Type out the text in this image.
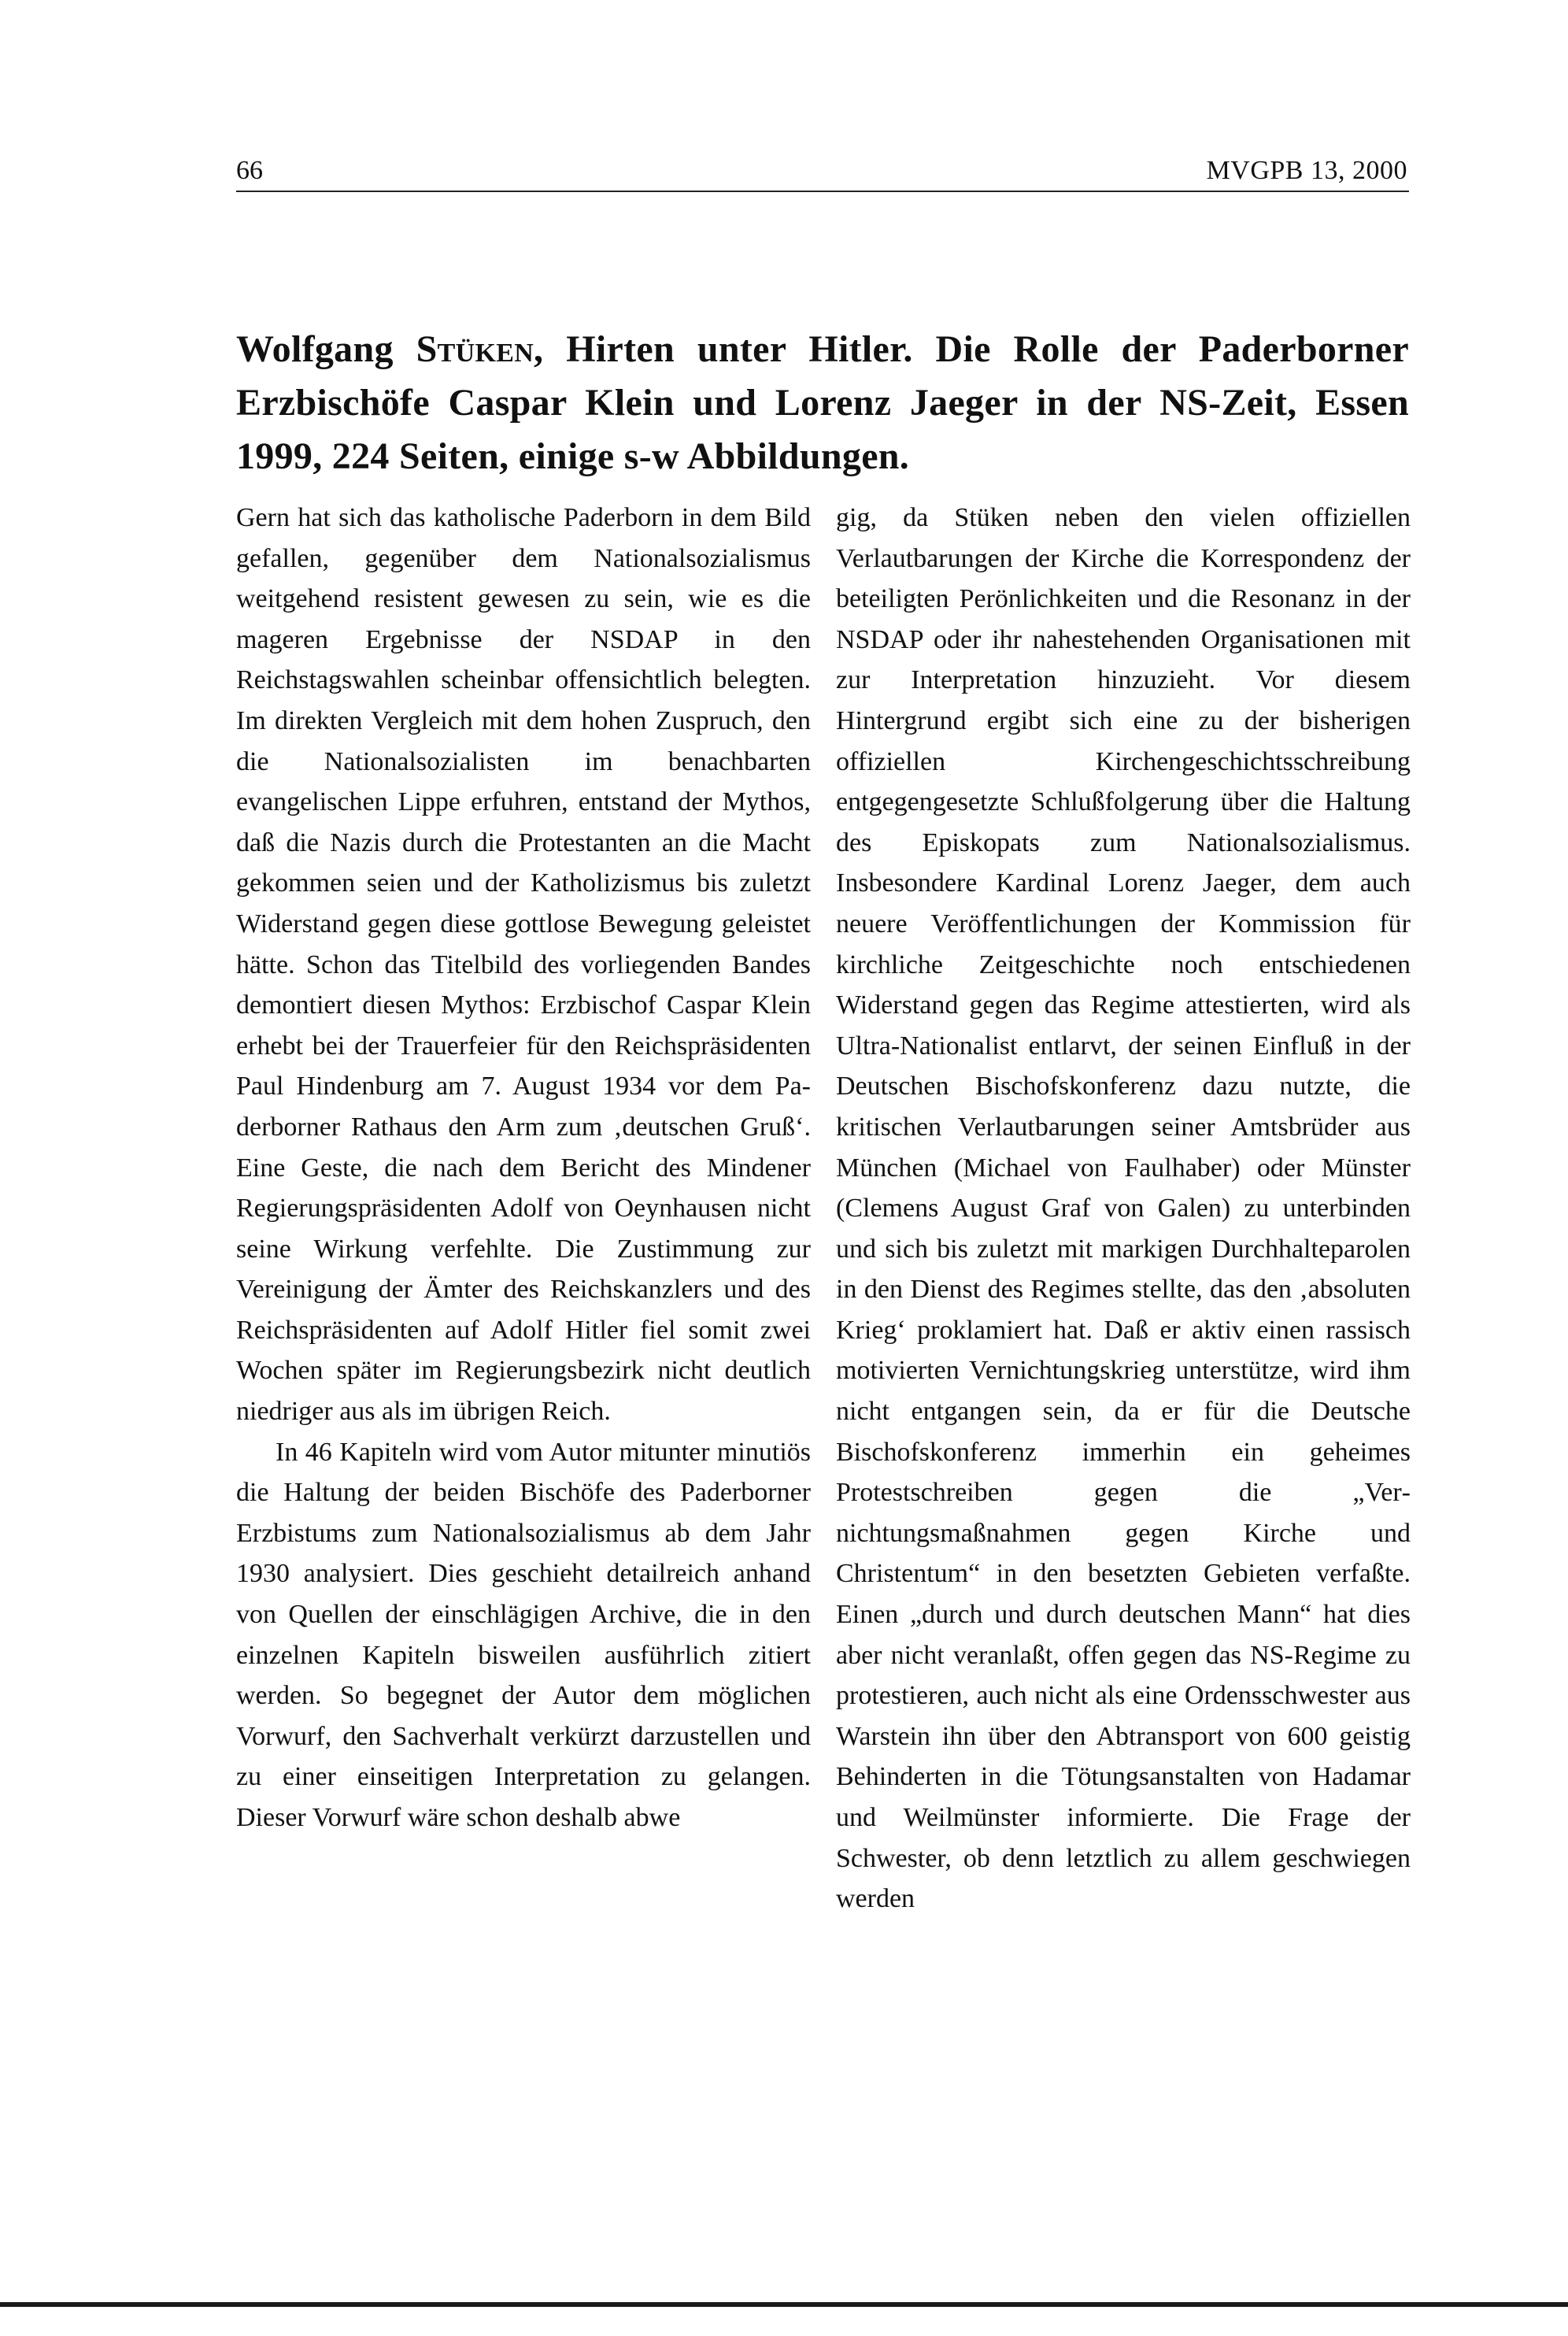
66	MVGPB 13, 2000
Wolfgang Stüken, Hirten unter Hitler. Die Rolle der Paderborner Erzbischöfe Caspar Klein und Lorenz Jaeger in der NS-Zeit, Essen 1999, 224 Seiten, einige s-w Abbildungen.

Gern hat sich das katholische Paderborn in dem Bild gefallen, gegenüber dem Nationalsozialismus weitgehend resistent gewesen zu sein, wie es die mageren Ergebnisse der NSDAP in den Reichstagswahlen scheinbar offensichtlich belegten. Im direkten Vergleich mit dem hohen Zuspruch, den die Nationalsozialisten im benachbarten evangelischen Lippe erfuhren, entstand der Mythos, daß die Nazis durch die Protestanten an die Macht gekommen seien und der Katholizismus bis zuletzt Widerstand gegen diese gottlose Bewegung geleistet hätte. Schon das Titelbild des vorliegenden Bandes demontiert diesen Mythos: Erzbischof Caspar Klein erhebt bei der Trauerfeier für den Reichspräsidenten Paul Hindenburg am 7. August 1934 vor dem Paderborner Rathaus den Arm zum ‚deutschen Gruß‘. Eine Geste, die nach dem Bericht des Mindener Regierungspräsidenten Adolf von Oeynhausen nicht seine Wirkung verfehlte. Die Zustimmung zur Vereinigung der Ämter des Reichskanzlers und des Reichspräsidenten auf Adolf Hitler fiel somit zwei Wochen später im Regierungsbezirk nicht deutlich niedriger aus als im übrigen Reich.

In 46 Kapiteln wird vom Autor mitunter minutiös die Haltung der beiden Bischöfe des Paderborner Erzbistums zum Nationalsozialismus ab dem Jahr 1930 analysiert. Dies geschieht detailreich anhand von Quellen der einschlägigen Archive, die in den einzelnen Kapiteln bisweilen ausführlich zitiert werden. So begegnet der Autor dem möglichen Vorwurf, den Sachverhalt verkürzt darzustellen und zu einer einseitigen Interpretation zu gelangen. Dieser Vorwurf wäre schon deshalb abwe

gig, da Stüken neben den vielen offiziellen Verlautbarungen der Kirche die Korrespondenz der beteiligten Perönlichkeiten und die Resonanz in der NSDAP oder ihr nahestehenden Organisationen mit zur Interpretation hinzuzieht. Vor diesem Hintergrund ergibt sich eine zu der bisherigen offiziellen Kirchengeschichtsschreibung entgegengesetzte Schlußfolgerung über die Haltung des Episkopats zum Nationalsozialismus. Insbesondere Kardinal Lorenz Jaeger, dem auch neuere Veröffentlichungen der Kommission für kirchliche Zeitgeschichte noch entschiedenen Widerstand gegen das Regime attestierten, wird als Ultra-Nationalist entlarvt, der seinen Einfluß in der Deutschen Bischofskonferenz dazu nutzte, die kritischen Verlautbarungen seiner Amtsbrüder aus München (Michael von Faulhaber) oder Münster (Clemens August Graf von Galen) zu unterbinden und sich bis zuletzt mit markigen Durchhalteparolen in den Dienst des Regimes stellte, das den ‚absoluten Krieg‘ proklamiert hat. Daß er aktiv einen rassisch motivierten Vernichtungskrieg unterstütze, wird ihm nicht entgangen sein, da er für die Deutsche Bischofskonferenz immerhin ein geheimes Protestschreiben gegen die „Vernichtungsmaßnahmen gegen Kirche und Christentum“ in den besetzten Gebieten verfaßte. Einen „durch und durch deutschen Mann“ hat dies aber nicht veranlaßt, offen gegen das NS-Regime zu protestieren, auch nicht als eine Ordensschwester aus Warstein ihn über den Abtransport von 600 geistig Behinderten in die Tötungsanstalten von Hadamar und Weilmünster informierte. Die Frage der Schwester, ob denn letztlich zu allem geschwiegen werden
